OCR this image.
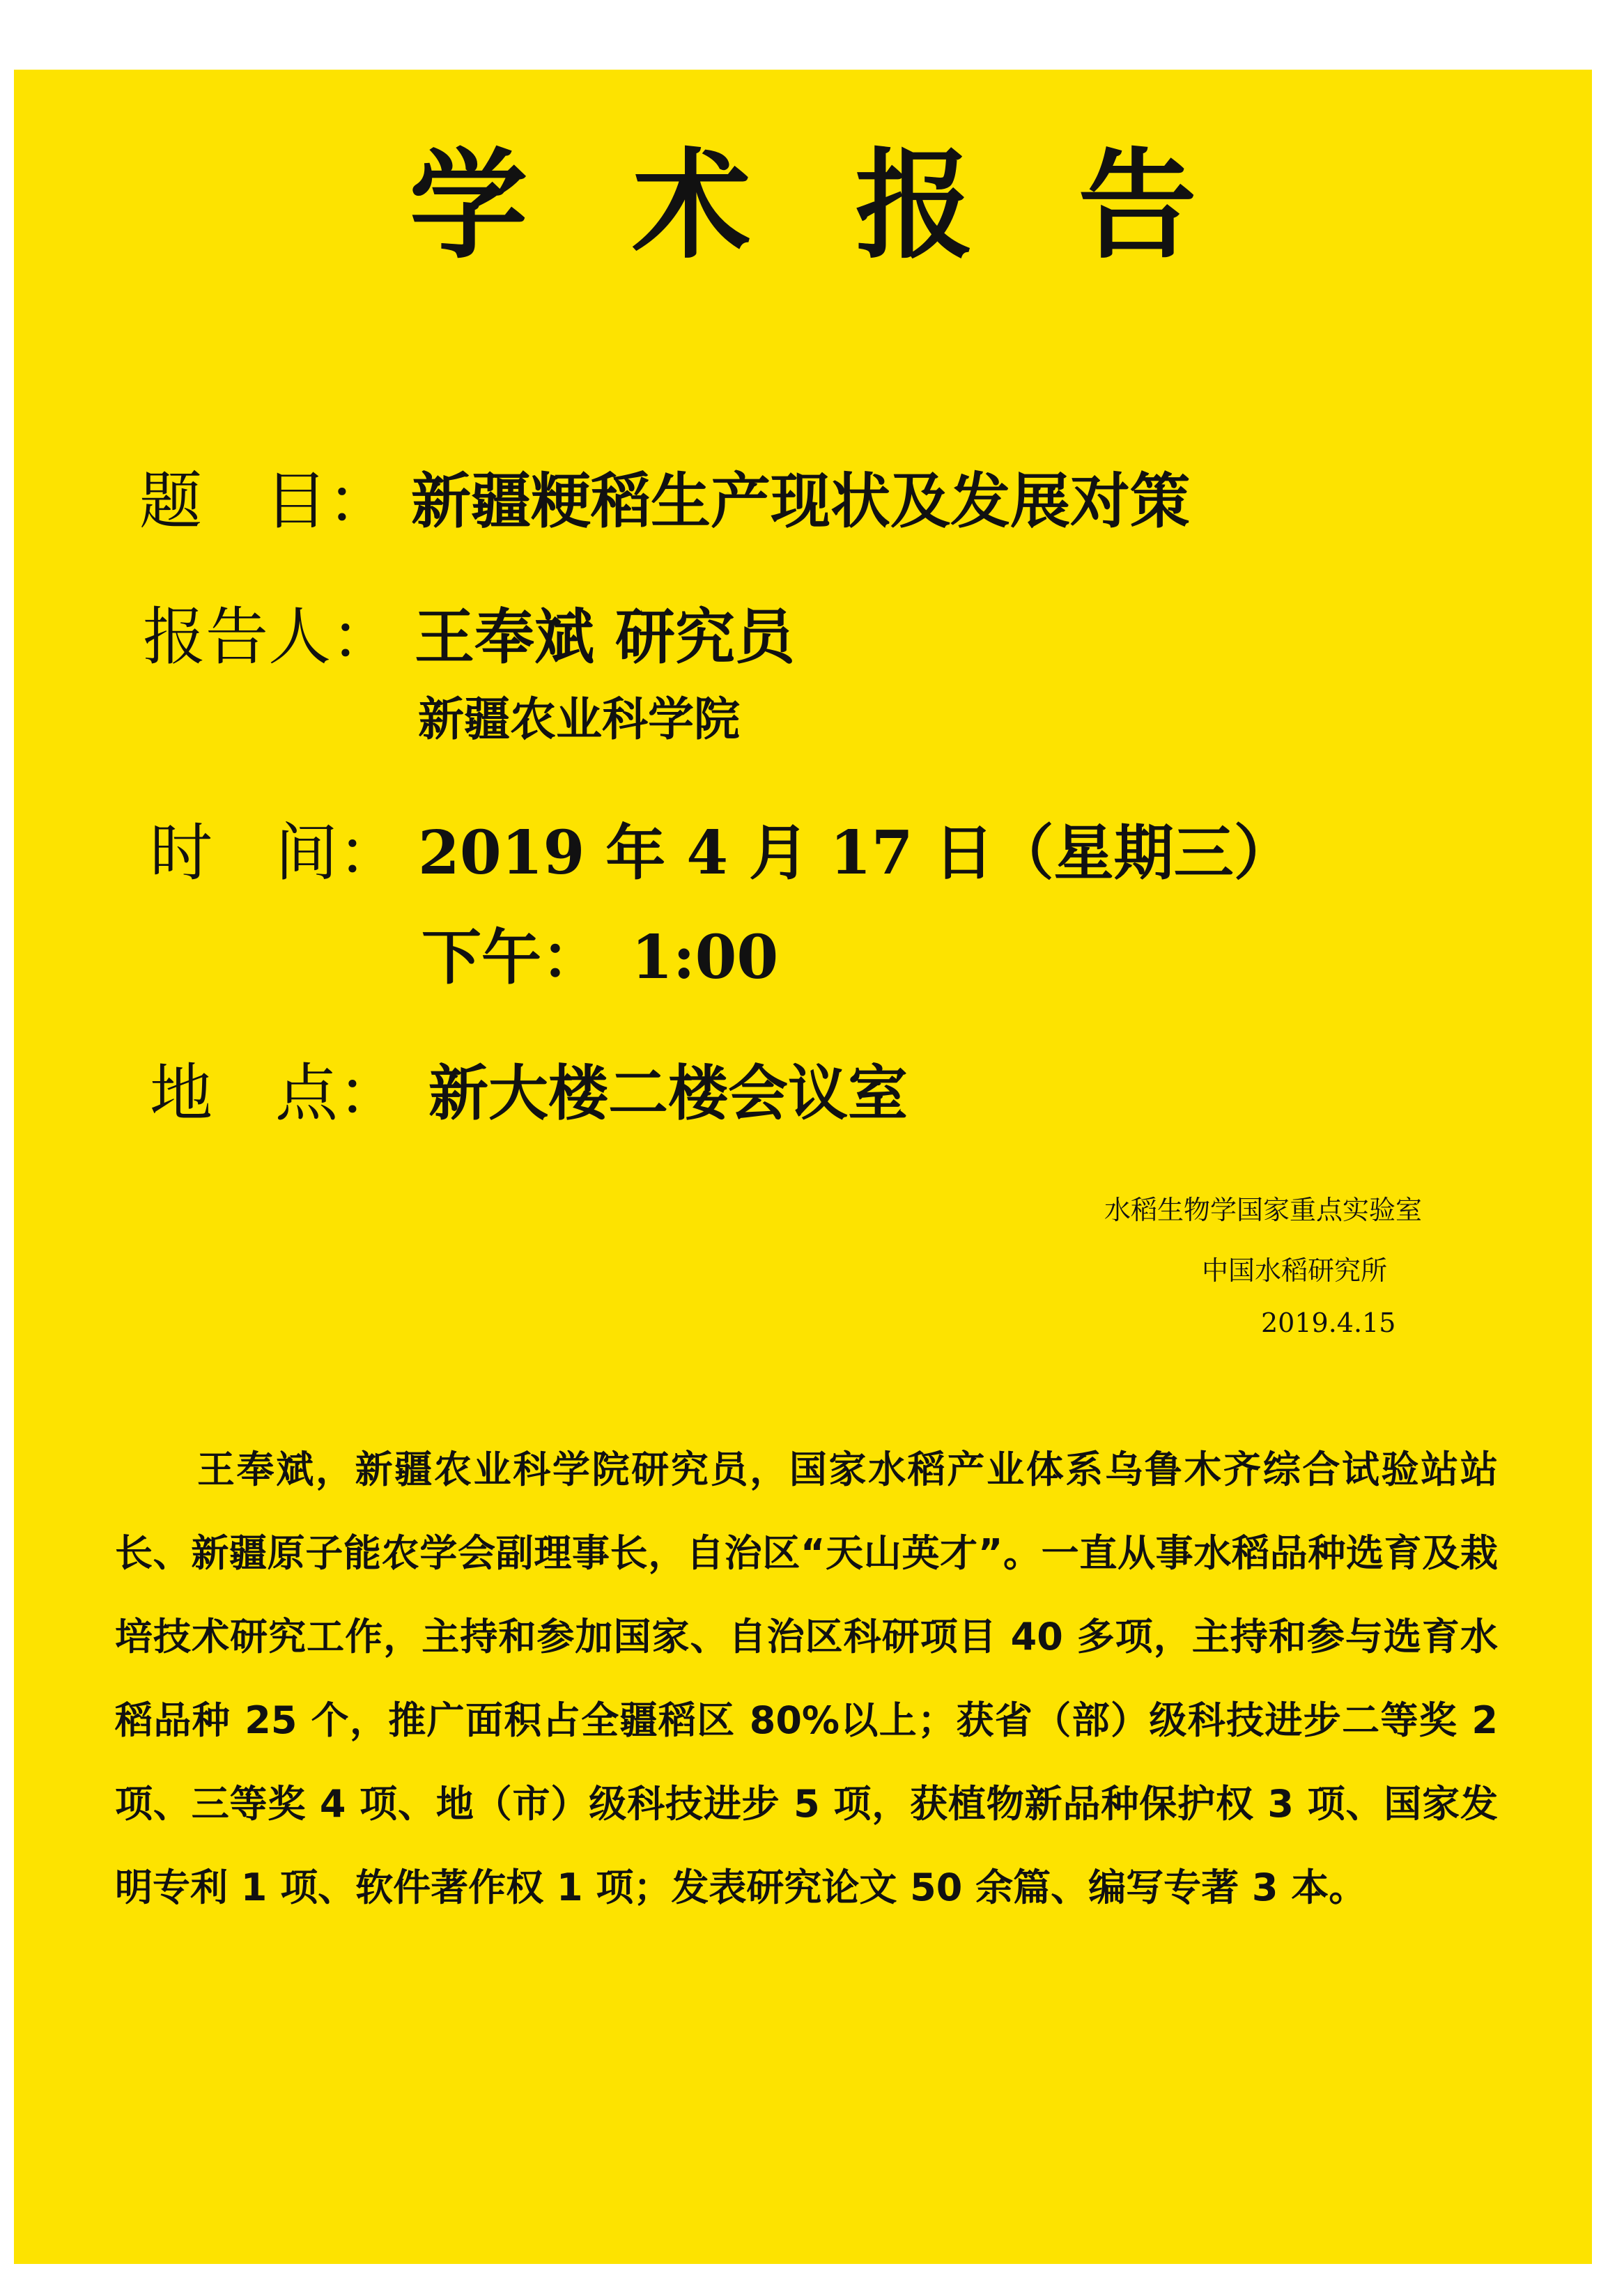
学术报告
题　目： 新疆粳稻生产现状及发展对策
报告人： 王奉斌 研究员
新疆农业科学院
时　间： 2019 年 4 月 17 日（星期三）
下午：　1:00
地　点： 新大楼二楼会议室
水稻生物学国家重点实验室
中国水稻研究所
2019.4.15

王奉斌，新疆农业科学院研究员，国家水稻产业体系乌鲁木齐综合试验站站长、新疆原子能农学会副理事长，自治区“天山英才”。一直从事水稻品种选育及栽培技术研究工作，主持和参加国家、自治区科研项目 40 多项，主持和参与选育水稻品种 25 个，推广面积占全疆稻区 80%以上；获省（部）级科技进步二等奖 2 项、三等奖 4 项、地（市）级科技进步 5 项，获植物新品种保护权 3 项、国家发明专利 1 项、软件著作权 1 项；发表研究论文 50 余篇、编写专著 3 本。
